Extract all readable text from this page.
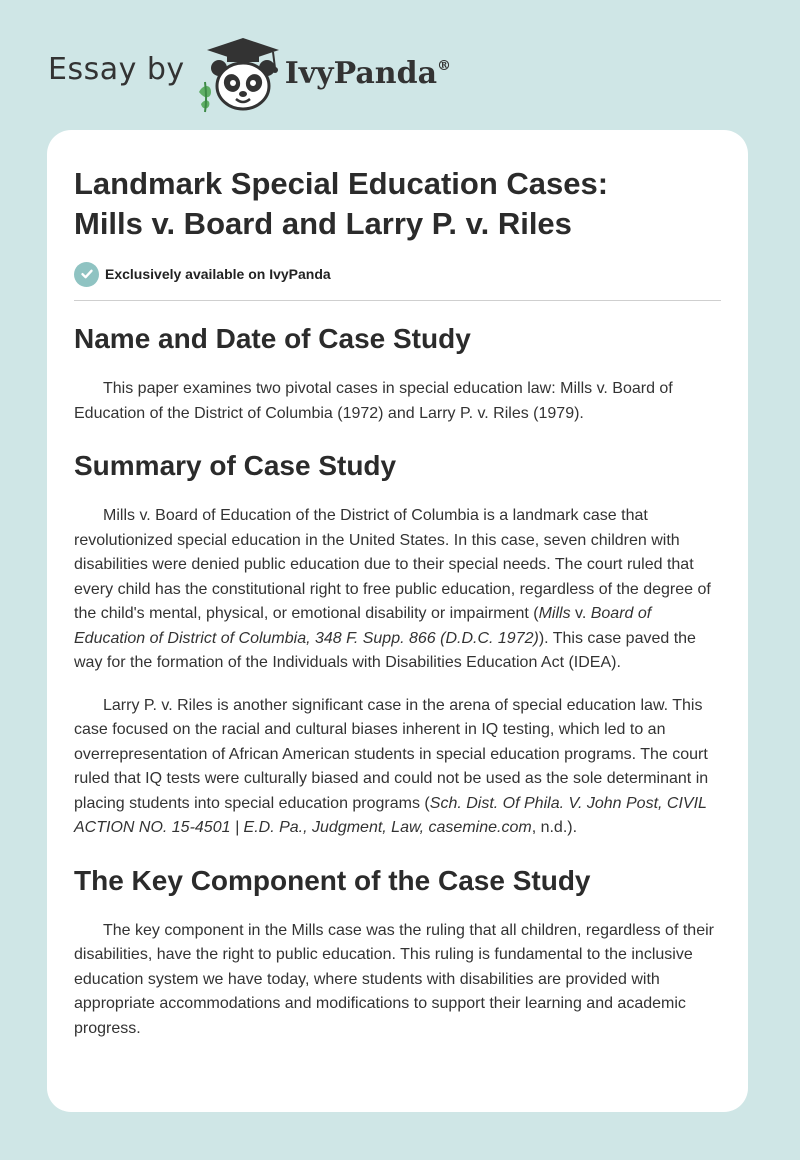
Essay by	IvyPanda®
Landmark Special Education Cases:
Mills v. Board and Larry P. v. Riles
Exclusively available on IvyPanda
Name and Date of Case Study

This paper examines two pivotal cases in special education law: Mills v. Board of Education of the District of Columbia (1972) and Larry P. v. Riles (1979).

Summary of Case Study

Mills v. Board of Education of the District of Columbia is a landmark case that revolutionized special education in the United States. In this case, seven children with disabilities were denied public education due to their special needs. The court ruled that every child has the constitutional right to free public education, regardless of the degree of the child's mental, physical, or emotional disability or impairment (Mills v. Board of Education of District of Columbia, 348 F. Supp. 866 (D.D.C. 1972)). This case paved the way for the formation of the Individuals with Disabilities Education Act (IDEA).

Larry P. v. Riles is another significant case in the arena of special education law. This case focused on the racial and cultural biases inherent in IQ testing, which led to an overrepresentation of African American students in special education programs. The court ruled that IQ tests were culturally biased and could not be used as the sole determinant in placing students into special education programs (Sch. Dist. Of Phila. V. John Post, CIVIL ACTION NO. 15-4501 | E.D. Pa., Judgment, Law, casemine.com, n.d.).

The Key Component of the Case Study

The key component in the Mills case was the ruling that all children, regardless of their disabilities, have the right to public education. This ruling is fundamental to the inclusive education system we have today, where students with disabilities are provided with appropriate accommodations and modifications to support their learning and academic progress.
